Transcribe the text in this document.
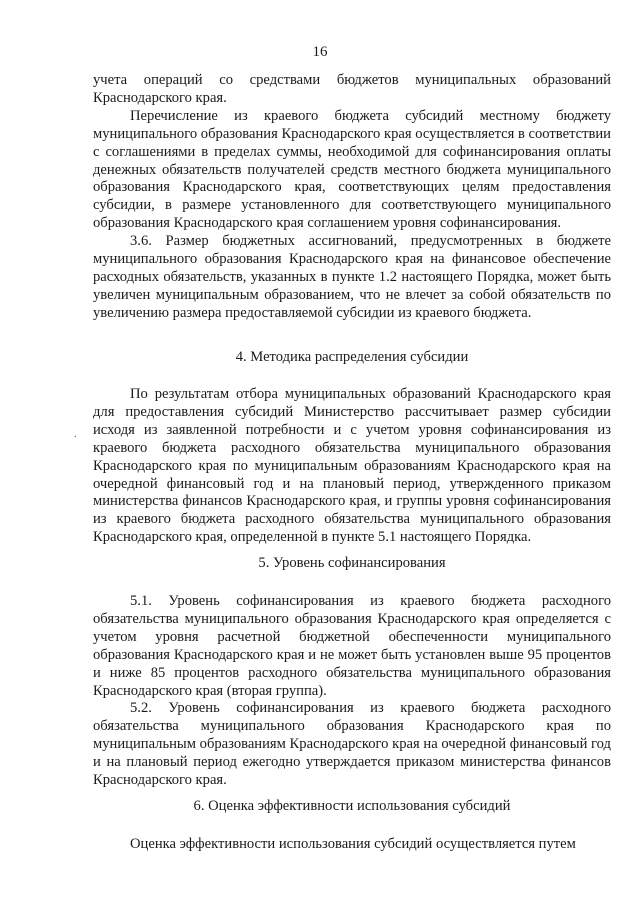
16

учета операций со средствами бюджетов муниципальных образований Краснодарского края.

Перечисление из краевого бюджета субсидий местному бюджету муниципального образования Краснодарского края осуществляется в соответствии с соглашениями в пределах суммы, необходимой для софинансирования оплаты денежных обязательств получателей средств местного бюджета муниципального образования Краснодарского края, соответствующих целям предоставления субсидии, в размере установленного для соответствующего муниципального образования Краснодарского края соглашением уровня софинансирования.

3.6. Размер бюджетных ассигнований, предусмотренных в бюджете муниципального образования Краснодарского края на финансовое обеспечение расходных обязательств, указанных в пункте 1.2 настоящего Порядка, может быть увеличен муниципальным образованием, что не влечет за собой обязательств по увеличению размера предоставляемой субсидии из краевого бюджета.

4. Методика распределения субсидии
.

По результатам отбора муниципальных образований Краснодарского края для предоставления субсидий Министерство рассчитывает размер субсидии исходя из заявленной потребности и с учетом уровня софинансирования из краевого бюджета расходного обязательства муниципального образования Краснодарского края по муниципальным образованиям Краснодарского края на очередной финансовый год и на плановый период, утвержденного приказом министерства финансов Краснодарского края, и группы уровня софинансирования из краевого бюджета расходного обязательства муниципального образования Краснодарского края, определенной в пункте 5.1 настоящего Порядка.

5. Уровень софинансирования

5.1. Уровень софинансирования из краевого бюджета расходного обязательства муниципального образования Краснодарского края определяется с учетом уровня расчетной бюджетной обеспеченности муниципального образования Краснодарского края и не может быть установлен выше 95 процентов и ниже 85 процентов расходного обязательства муниципального образования Краснодарского края (вторая группа).

5.2. Уровень софинансирования из краевого бюджета расходного обязательства муниципального образования Краснодарского края по муниципальным образованиям Краснодарского края на очередной финансовый год и на плановый период ежегодно утверждается приказом министерства финансов Краснодарского края.

6. Оценка эффективности использования субсидий

Оценка эффективности использования субсидий осуществляется путем
